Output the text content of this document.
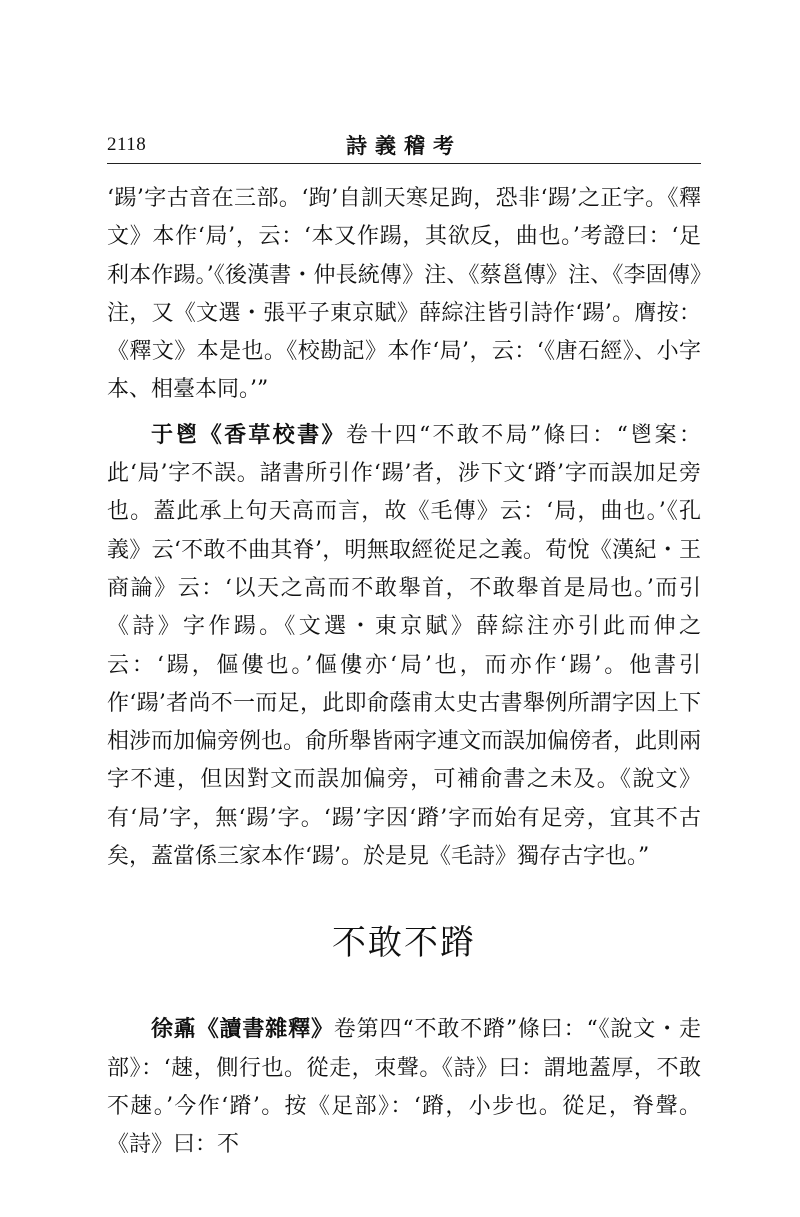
2118	詩義稽考

‘踼’字古音在三部。‘跔’自訓天寒足跔，恐非‘踼’之正字。《釋文》本作‘局’，云：‘本又作踼，其欲反，曲也。’考證曰：‘足利本作踼。’《後漢書・仲長統傳》注、《蔡邕傳》注、《李固傳》注，又《文選・張平子東京賦》薛綜注皆引詩作‘踼’。膺按：《釋文》本是也。《校勘記》本作‘局’，云：‘《唐石經》、小字本、相臺本同。’”

于鬯《香草校書》卷十四“不敢不局”條曰：“鬯案：此‘局’字不誤。諸書所引作‘踼’者，涉下文‘蹐’字而誤加足旁也。蓋此承上句天高而言，故《毛傳》云：‘局，曲也。’《孔義》云‘不敢不曲其脊’，明無取經從足之義。荀悅《漢紀・王商論》云：‘以天之高而不敢舉首，不敢舉首是局也。’而引《詩》字作踼。《文選・東京賦》薛綜注亦引此而伸之云：‘踼，傴僂也。’傴僂亦‘局’也，而亦作‘踼’。他書引作‘踼’者尚不一而足，此即俞蔭甫太史古書舉例所謂字因上下相涉而加偏旁例也。俞所舉皆兩字連文而誤加偏傍者，此則兩字不連，但因對文而誤加偏旁，可補俞書之未及。《說文》有‘局’字，無‘踼’字。‘踼’字因‘蹐’字而始有足旁，宜其不古矣，蓋當係三家本作‘踼’。於是見《毛詩》獨存古字也。”

不敢不蹐

徐鼒《讀書雜釋》卷第四“不敢不蹐”條曰：“《說文・走部》：‘趚，側行也。從走，朿聲。《詩》曰：謂地蓋厚，不敢不趚。’今作‘蹐’。按《足部》：‘蹐，小步也。從足，脊聲。《詩》曰：不
